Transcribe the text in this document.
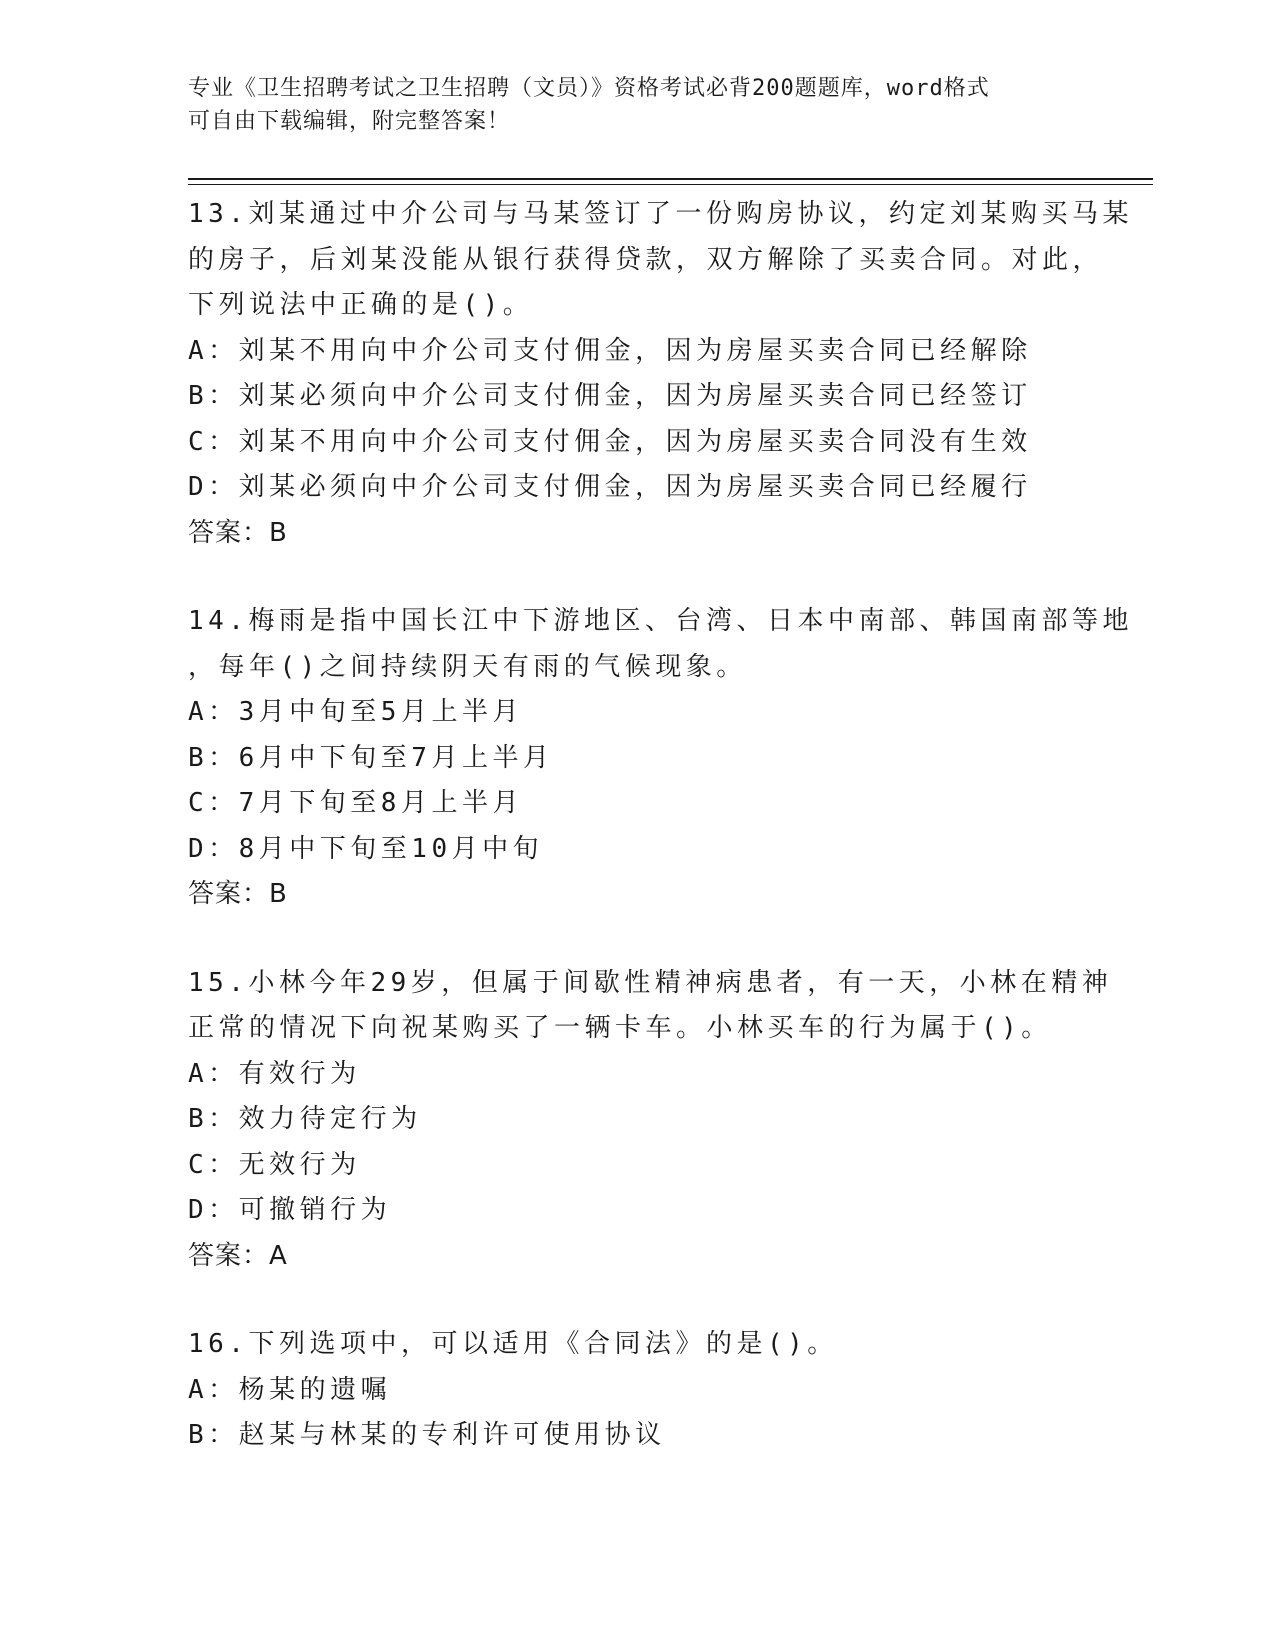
专业《卫生招聘考试之卫生招聘（文员）》资格考试必背200题题库，word格式
可自由下载编辑，附完整答案！
13.刘某通过中介公司与马某签订了一份购房协议，约定刘某购买马某
的房子，后刘某没能从银行获得贷款，双方解除了买卖合同。对此，
下列说法中正确的是()。
A：刘某不用向中介公司支付佣金，因为房屋买卖合同已经解除
B：刘某必须向中介公司支付佣金，因为房屋买卖合同已经签订
C：刘某不用向中介公司支付佣金，因为房屋买卖合同没有生效
D：刘某必须向中介公司支付佣金，因为房屋买卖合同已经履行
答案：B
14.梅雨是指中国长江中下游地区、台湾、日本中南部、韩国南部等地
，每年()之间持续阴天有雨的气候现象。
A：3月中旬至5月上半月
B：6月中下旬至7月上半月
C：7月下旬至8月上半月
D：8月中下旬至10月中旬
答案：B
15.小林今年29岁，但属于间歇性精神病患者，有一天，小林在精神
正常的情况下向祝某购买了一辆卡车。小林买车的行为属于()。
A：有效行为
B：效力待定行为
C：无效行为
D：可撤销行为
答案：A
16.下列选项中，可以适用《合同法》的是()。
A：杨某的遗嘱
B：赵某与林某的专利许可使用协议
